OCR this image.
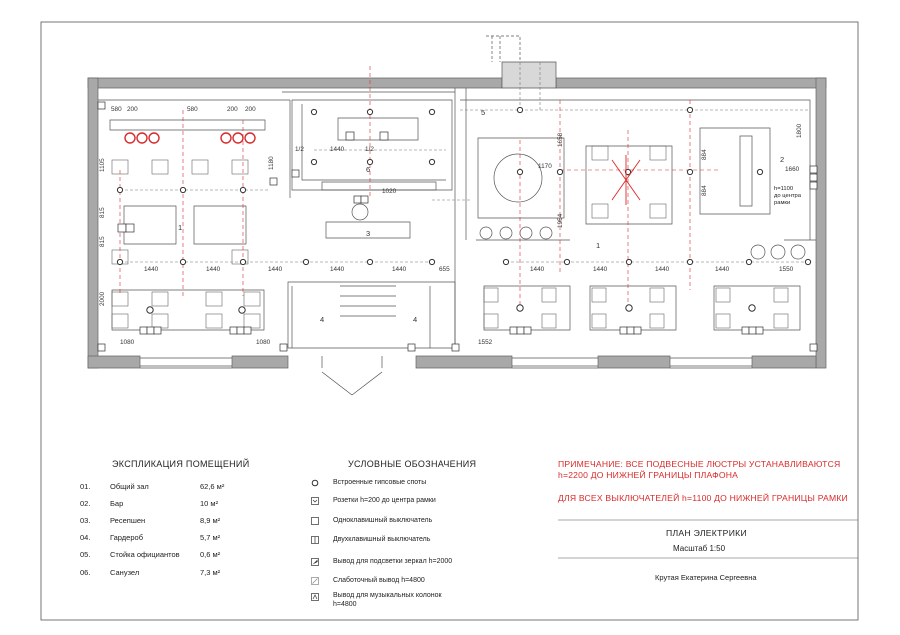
580 200	580	200 200
1105
815
815
2000
1440	1440	1440	1440	1440	655	1440	1440	1440	1440	1550
1020
1440
1/2	1/2
1180	1170
1658
1954
1552
1080	1080
884
884
1800
1660
1
1
2
3
4	4
5
6
h=1100
до центра
рамки
ЭКСПЛИКАЦИЯ ПОМЕЩЕНИЙ
01.	Общий зал	62,6 м²
02.	Бар	10 м²
03.	Ресепшен	8,9 м²
04.	Гардероб	5,7 м²
05.	Стойка официантов	0,6 м²
06.	Санузел	7,3 м²
УСЛОВНЫЕ ОБОЗНАЧЕНИЯ
Встроенные гипсовые споты
Розетки h=200 до центра рамки
Одноклавишный выключатель
Двухклавишный выключатель
Вывод для подсветки зеркал h=2000
Слаботочный вывод h=4800
Вывод для музыкальных колонок
h=4800
ПРИМЕЧАНИЕ: ВСЕ ПОДВЕСНЫЕ ЛЮСТРЫ УСТАНАВЛИВАЮТСЯ
h=2200 ДО НИЖНЕЙ ГРАНИЦЫ ПЛАФОНА
ДЛЯ ВСЕХ ВЫКЛЮЧАТЕЛЕЙ h=1100 ДО НИЖНЕЙ ГРАНИЦЫ РАМКИ
ПЛАН ЭЛЕКТРИКИ
Масштаб 1:50
Крутая Екатерина Сергеевна
